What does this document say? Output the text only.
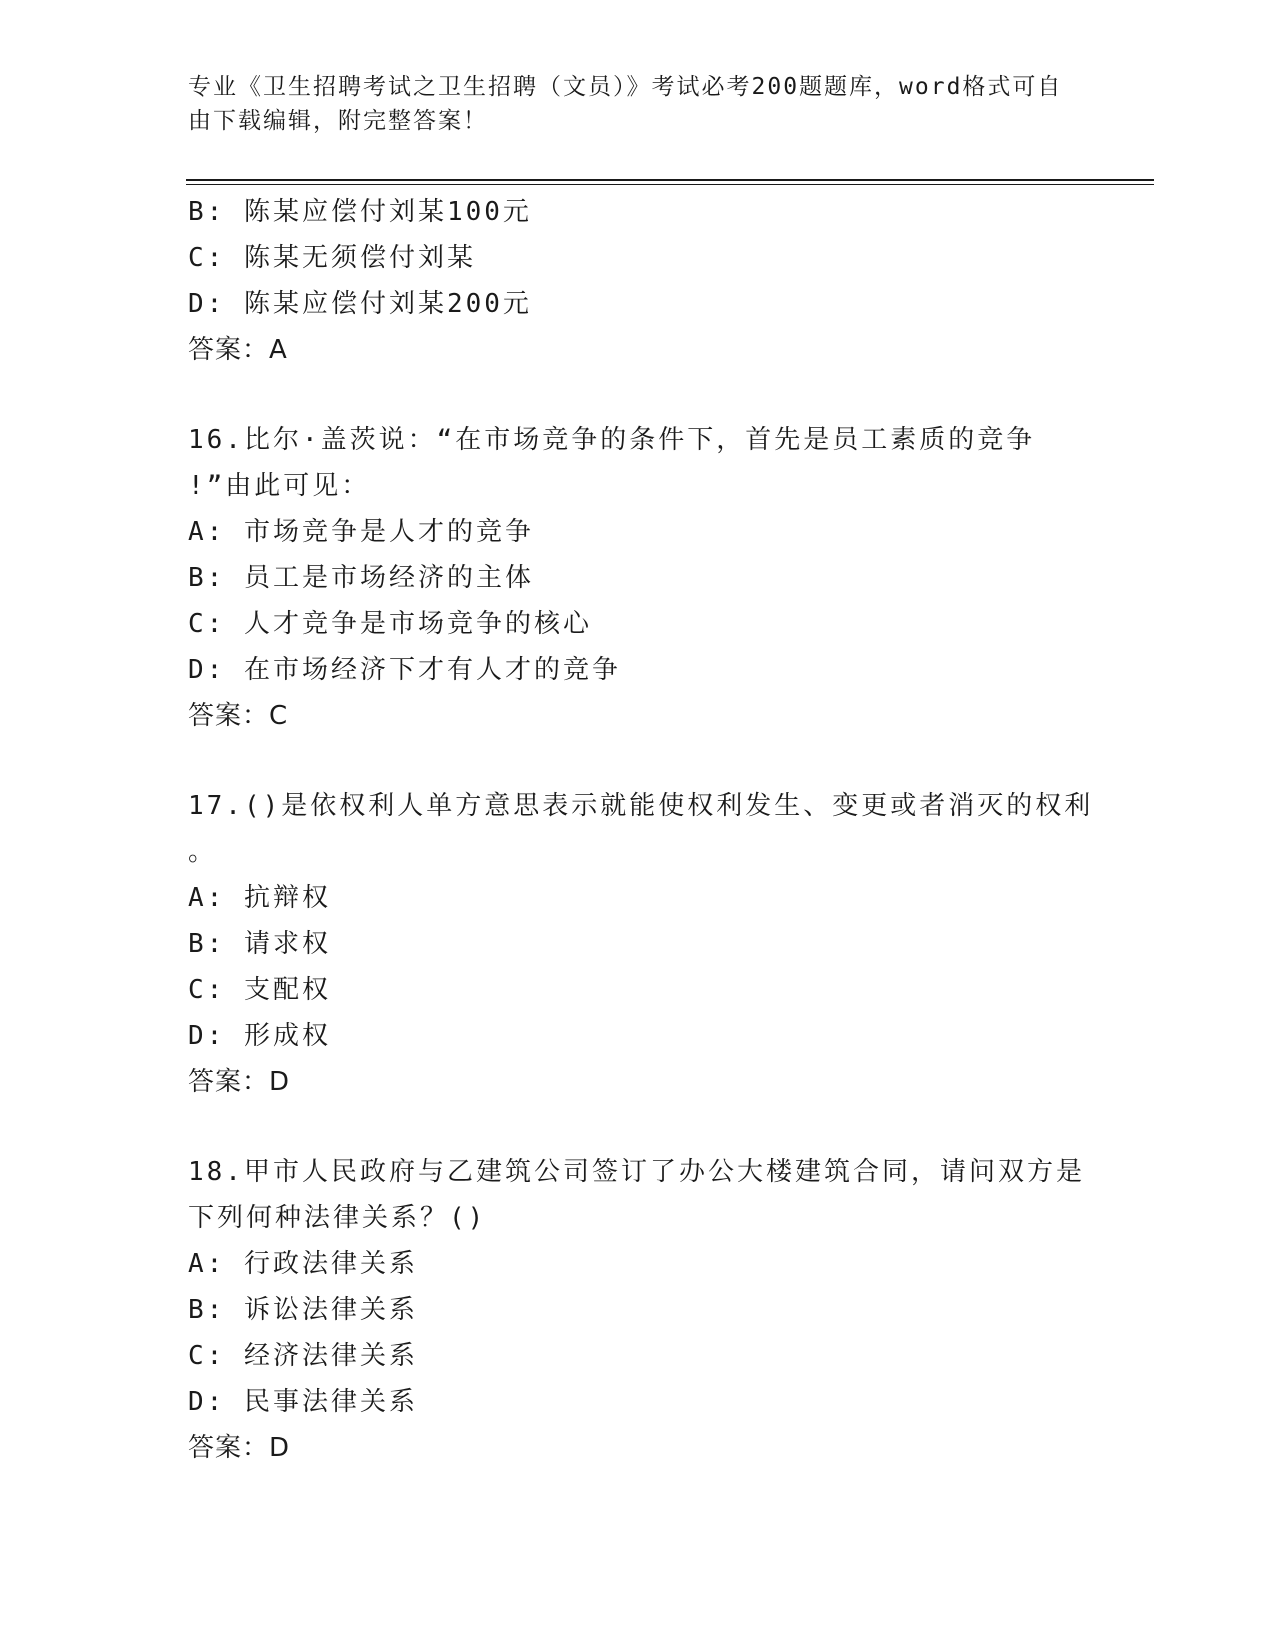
专业《卫生招聘考试之卫生招聘（文员）》考试必考200题题库，word格式可自
由下载编辑，附完整答案！
B: 陈某应偿付刘某100元
C: 陈某无须偿付刘某
D: 陈某应偿付刘某200元
答案：A
16.比尔·盖茨说：“在市场竞争的条件下，首先是员工素质的竞争
!”由此可见：
A: 市场竞争是人才的竞争
B: 员工是市场经济的主体
C: 人才竞争是市场竞争的核心
D: 在市场经济下才有人才的竞争
答案：C
17.()是依权利人单方意思表示就能使权利发生、变更或者消灭的权利
。
A: 抗辩权
B: 请求权
C: 支配权
D: 形成权
答案：D
18.甲市人民政府与乙建筑公司签订了办公大楼建筑合同，请问双方是
下列何种法律关系？()
A: 行政法律关系
B: 诉讼法律关系
C: 经济法律关系
D: 民事法律关系
答案：D
